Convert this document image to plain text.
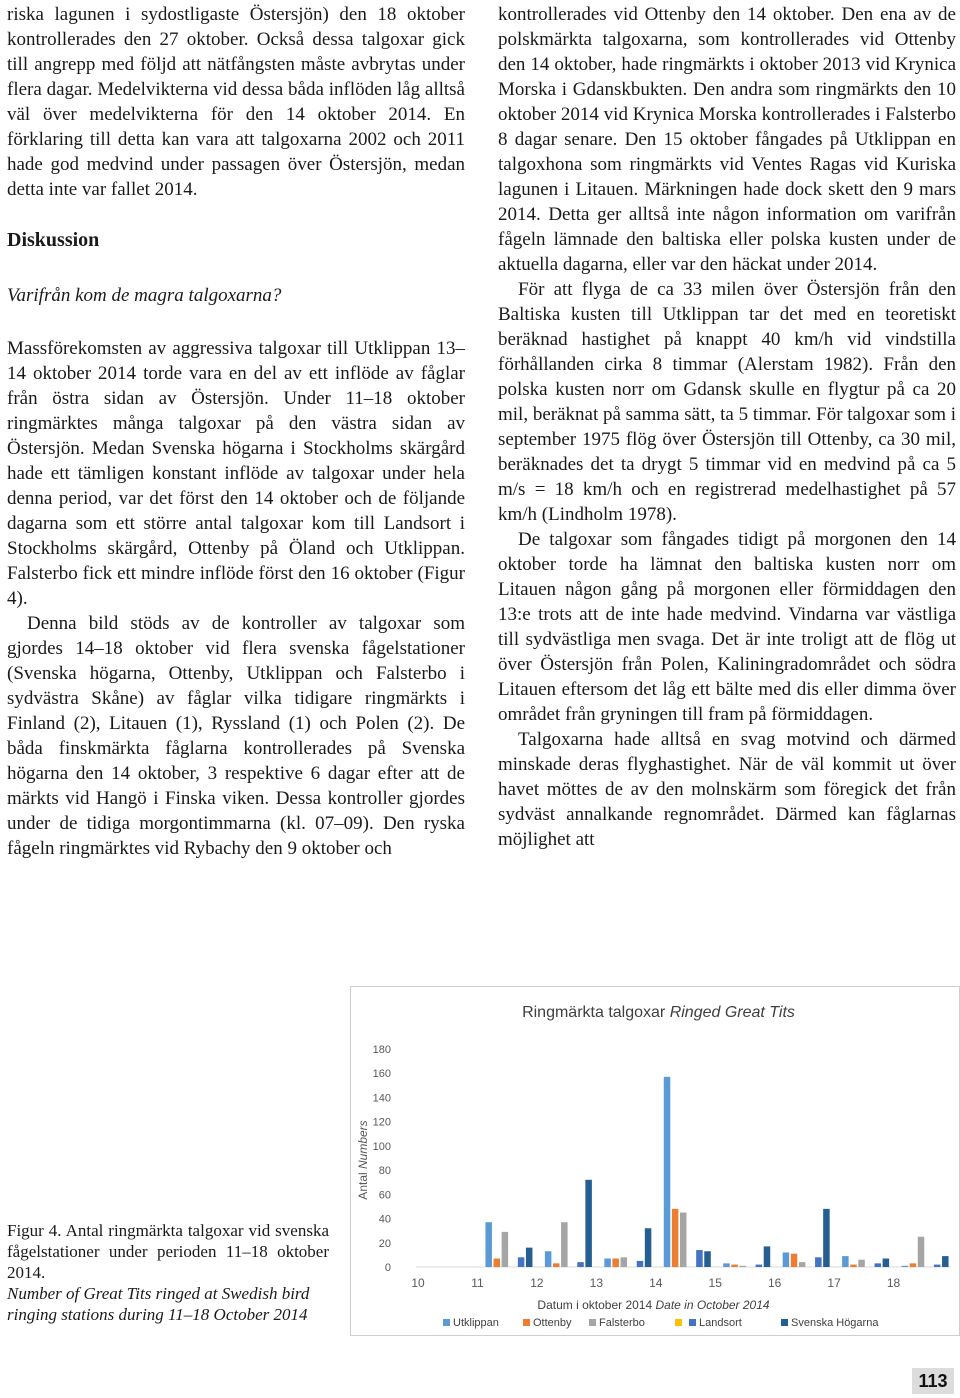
riska lagunen i sydostligaste Östersjön) den 18 oktober kontrollerades den 27 oktober. Också dessa talgoxar gick till angrepp med följd att nätfångsten måste avbrytas under flera dagar. Medelvikterna vid dessa båda inflöden låg alltså väl över medelvikterna för den 14 oktober 2014. En förklaring till detta kan vara att talgoxarna 2002 och 2011 hade god medvind under passagen över Östersjön, medan detta inte var fallet 2014.

Diskussion

Varifrån kom de magra talgoxarna?

Massförekomsten av aggressiva talgoxar till Utklippan 13–14 oktober 2014 torde vara en del av ett inflöde av fåglar från östra sidan av Östersjön. Under 11–18 oktober ringmärktes många talgoxar på den västra sidan av Östersjön. Medan Svenska högarna i Stockholms skärgård hade ett tämligen konstant inflöde av talgoxar under hela denna period, var det först den 14 oktober och de följande dagarna som ett större antal talgoxar kom till Landsort i Stockholms skärgård, Ottenby på Öland och Utklippan. Falsterbo fick ett mindre inflöde först den 16 oktober (Figur 4).

Denna bild stöds av de kontroller av talgoxar som gjordes 14–18 oktober vid flera svenska fågelstationer (Svenska högarna, Ottenby, Utklippan och Falsterbo i sydvästra Skåne) av fåglar vilka tidigare ringmärkts i Finland (2), Litauen (1), Ryssland (1) och Polen (2). De båda finskmärkta fåglarna kontrollerades på Svenska högarna den 14 oktober, 3 respektive 6 dagar efter att de märkts vid Hangö i Finska viken. Dessa kontroller gjordes under de tidiga morgontimmarna (kl. 07–09). Den ryska fågeln ringmärktes vid Rybachy den 9 oktober och

kontrollerades vid Ottenby den 14 oktober. Den ena av de polskmärkta talgoxarna, som kontrollerades vid Ottenby den 14 oktober, hade ringmärkts i oktober 2013 vid Krynica Morska i Gdanskbukten. Den andra som ringmärkts den 10 oktober 2014 vid Krynica Morska kontrollerades i Falsterbo 8 dagar senare. Den 15 oktober fångades på Utklippan en talgoxhona som ringmärkts vid Ventes Ragas vid Kuriska lagunen i Litauen. Märkningen hade dock skett den 9 mars 2014. Detta ger alltså inte någon information om varifrån fågeln lämnade den baltiska eller polska kusten under de aktuella dagarna, eller var den häckat under 2014.

För att flyga de ca 33 milen över Östersjön från den Baltiska kusten till Utklippan tar det med en teoretiskt beräknad hastighet på knappt 40 km/h vid vindstilla förhållanden cirka 8 timmar (Alerstam 1982). Från den polska kusten norr om Gdansk skulle en flygtur på ca 20 mil, beräknat på samma sätt, ta 5 timmar. För talgoxar som i september 1975 flög över Östersjön till Ottenby, ca 30 mil, beräknades det ta drygt 5 timmar vid en medvind på ca 5 m/s = 18 km/h och en registrerad medelhastighet på 57 km/h (Lindholm 1978).

De talgoxar som fångades tidigt på morgonen den 14 oktober torde ha lämnat den baltiska kusten norr om Litauen någon gång på morgonen eller förmiddagen den 13:e trots att de inte hade medvind. Vindarna var västliga till sydvästliga men svaga. Det är inte troligt att de flög ut över Östersjön från Polen, Kaliningradområdet och södra Litauen eftersom det låg ett bälte med dis eller dimma över området från gryningen till fram på förmiddagen.

Talgoxarna hade alltså en svag motvind och därmed minskade deras flyghastighet. När de väl kommit ut över havet möttes de av den molnskärm som föregick det från sydväst annalkande regnområdet. Därmed kan fåglarnas möjlighet att

Ringmärkta talgoxar Ringed Great Tits
0
20
40
60
80
100
120
140
160
180
Antal Numbers
10	11	12	13	14	15	16	17	18
Datum i oktober 2014 Date in October 2014
Utklippan	Ottenby Falsterbo	Landsort	Svenska Högarna

Figur 4. Antal ringmärkta talgoxar vid svenska fågelstationer under perioden 11–18 oktober 2014.

Number of Great Tits ringed at Swedish bird ringing stations during 11–18 October 2014

113
